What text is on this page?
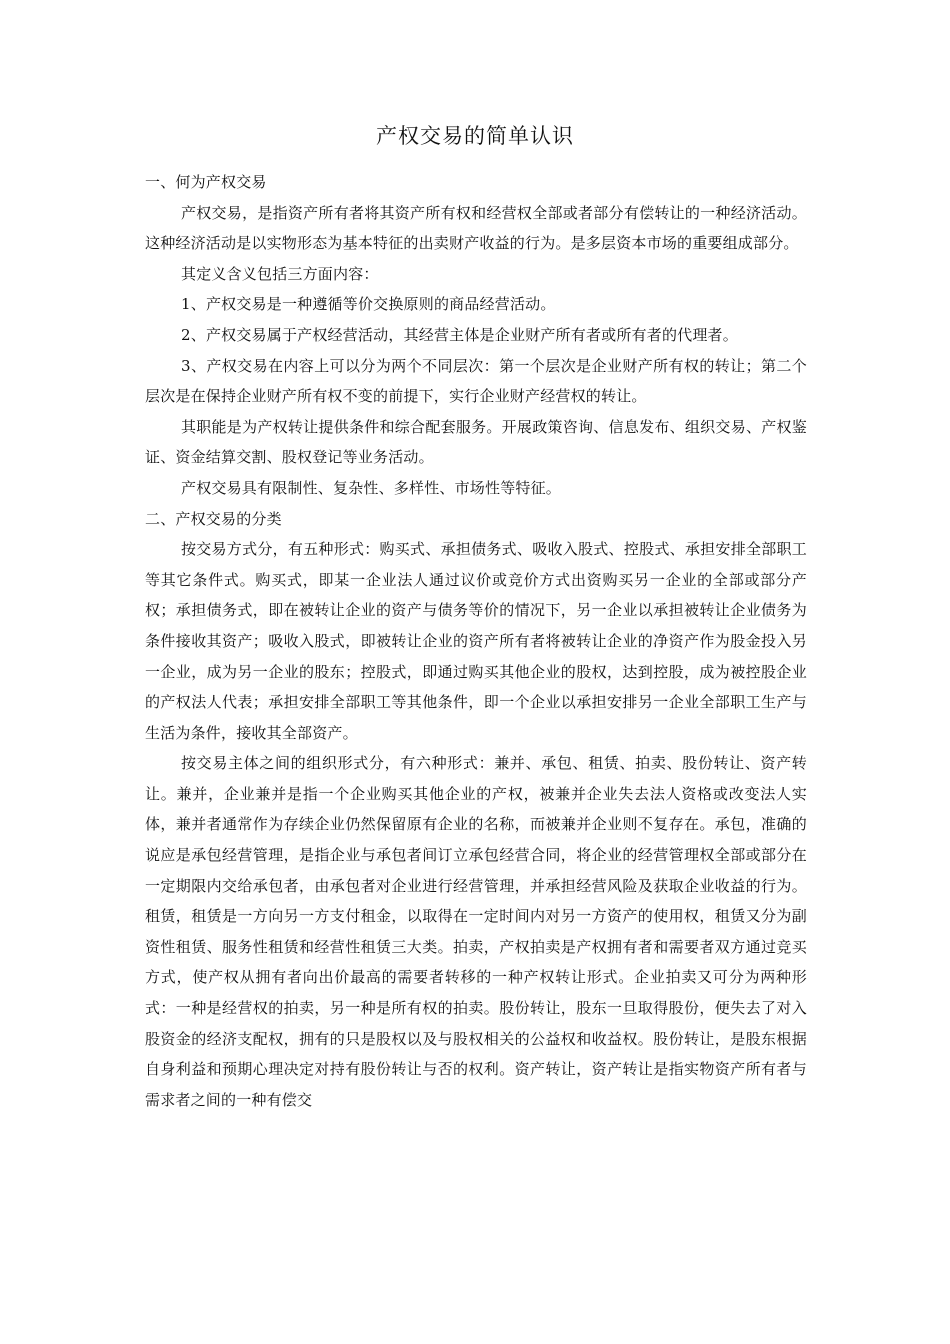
产权交易的简单认识

一、何为产权交易

产权交易，是指资产所有者将其资产所有权和经营权全部或者部分有偿转让的一种经济活动。这种经济活动是以实物形态为基本特征的出卖财产收益的行为。是多层资本市场的重要组成部分。

其定义含义包括三方面内容：

1、产权交易是一种遵循等价交换原则的商品经营活动。

2、产权交易属于产权经营活动，其经营主体是企业财产所有者或所有者的代理者。

3、产权交易在内容上可以分为两个不同层次：第一个层次是企业财产所有权的转让；第二个层次是在保持企业财产所有权不变的前提下，实行企业财产经营权的转让。

其职能是为产权转让提供条件和综合配套服务。开展政策咨询、信息发布、组织交易、产权鉴证、资金结算交割、股权登记等业务活动。

产权交易具有限制性、复杂性、多样性、市场性等特征。

二、产权交易的分类

按交易方式分，有五种形式：购买式、承担债务式、吸收入股式、控股式、承担安排全部职工等其它条件式。购买式，即某一企业法人通过议价或竞价方式出资购买另一企业的全部或部分产权；承担债务式，即在被转让企业的资产与债务等价的情况下，另一企业以承担被转让企业债务为条件接收其资产；吸收入股式，即被转让企业的资产所有者将被转让企业的净资产作为股金投入另一企业，成为另一企业的股东；控股式，即通过购买其他企业的股权，达到控股，成为被控股企业的产权法人代表；承担安排全部职工等其他条件，即一个企业以承担安排另一企业全部职工生产与生活为条件，接收其全部资产。

按交易主体之间的组织形式分，有六种形式：兼并、承包、租赁、拍卖、股份转让、资产转让。兼并，企业兼并是指一个企业购买其他企业的产权，被兼并企业失去法人资格或改变法人实体，兼并者通常作为存续企业仍然保留原有企业的名称，而被兼并企业则不复存在。承包，准确的说应是承包经营管理，是指企业与承包者间订立承包经营合同，将企业的经营管理权全部或部分在一定期限内交给承包者，由承包者对企业进行经营管理，并承担经营风险及获取企业收益的行为。租赁，租赁是一方向另一方支付租金，以取得在一定时间内对另一方资产的使用权，租赁又分为副资性租赁、服务性租赁和经营性租赁三大类。拍卖，产权拍卖是产权拥有者和需要者双方通过竞买方式，使产权从拥有者向出价最高的需要者转移的一种产权转让形式。企业拍卖又可分为两种形式：一种是经营权的拍卖，另一种是所有权的拍卖。股份转让，股东一旦取得股份，便失去了对入股资金的经济支配权，拥有的只是股权以及与股权相关的公益权和收益权。股份转让，是股东根据自身利益和预期心理决定对持有股份转让与否的权利。资产转让，资产转让是指实物资产所有者与需求者之间的一种有偿交
